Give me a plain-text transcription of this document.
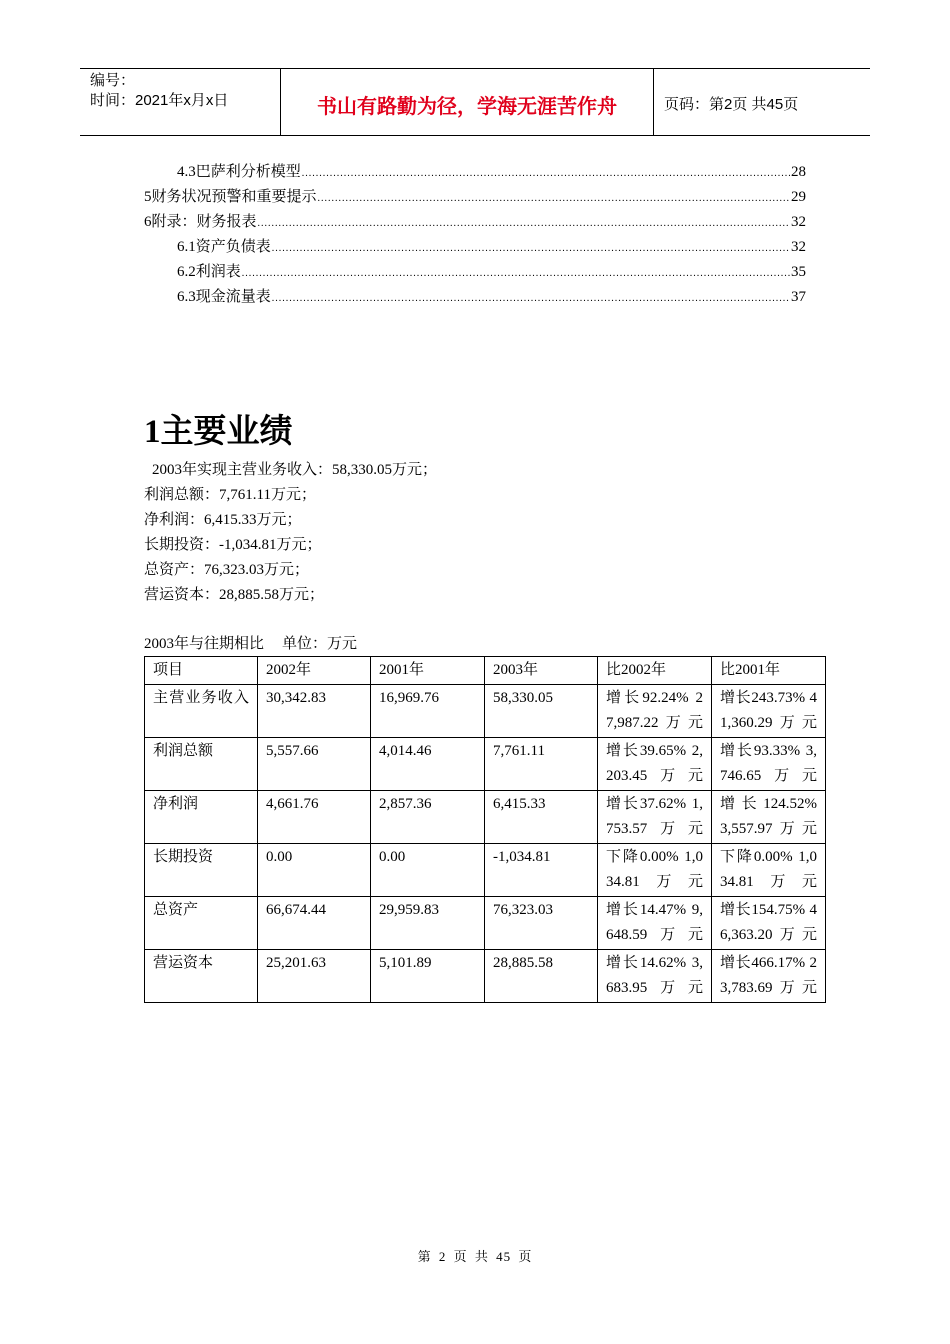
编号：
时间：2021年x月x日	书山有路勤为径，学海无涯苦作舟	页码：第2页 共45页
4.3巴萨利分析模型 .....	28
5财务状况预警和重要提示 .....	29
6附录：财务报表 .....	32
6.1资产负债表 .....	32
6.2利润表 .....	35
6.3现金流量表 .....	37
1主要业绩
2003年实现主营业务收入：58,330.05万元；
利润总额：7,761.11万元；
净利润：6,415.33万元；
长期投资：-1,034.81万元；
总资产：76,323.03万元；
营运资本：28,885.58万元；
2003年与往期相比 单位：万元
项目	2002年	2001年	2003年	比2002年	比2001年
主营业务收入	30,342.83	16,969.76	58,330.05	增长92.24% 27,987.22万元	增长243.73% 41,360.29万元
利润总额	5,557.66	4,014.46	7,761.11	增长39.65% 2,203.45万元	增长93.33% 3,746.65万元
净利润	4,661.76	2,857.36	6,415.33	增长37.62% 1,753.57万元	增长124.52% 3,557.97万元
长期投资	0.00	0.00	-1,034.81	下降0.00% 1,034.81万元	下降0.00% 1,034.81万元
总资产	66,674.44	29,959.83	76,323.03	增长14.47% 9,648.59万元	增长154.75% 46,363.20万元
营运资本	25,201.63	5,101.89	28,885.58	增长14.62% 3,683.95万元	增长466.17% 23,783.69万元
第 2 页 共 45 页
